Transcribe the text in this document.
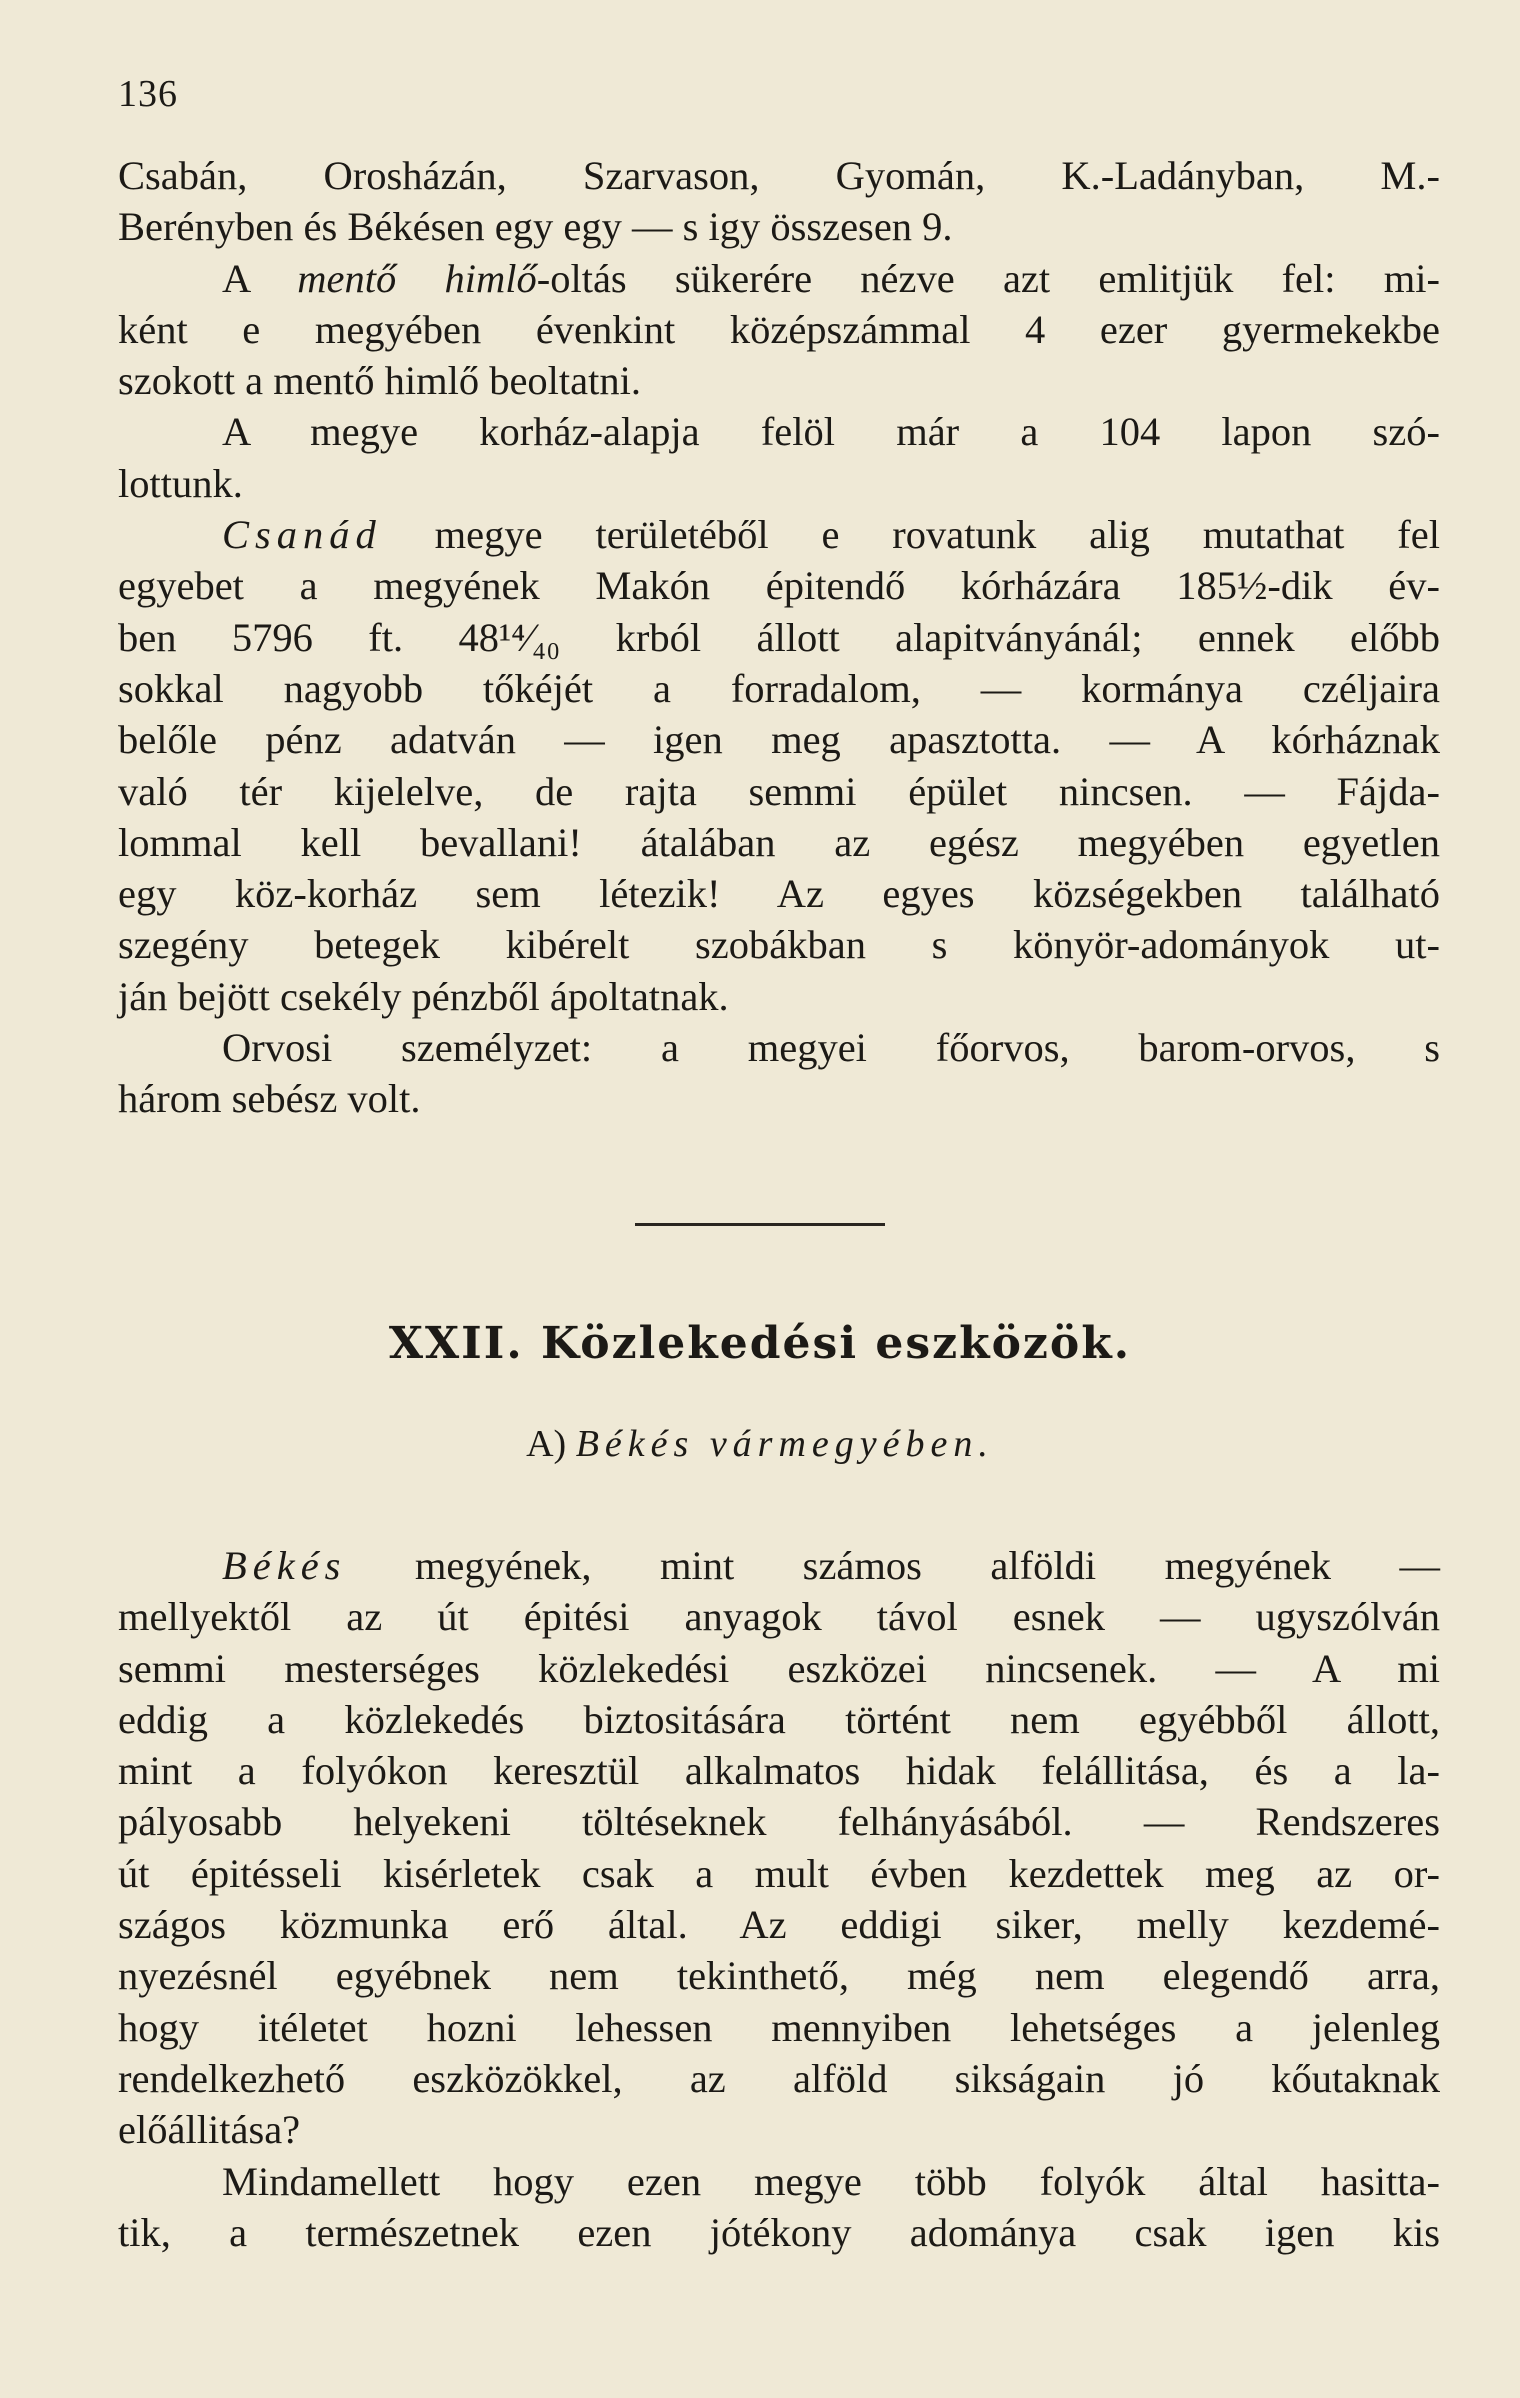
136

Csabán, Orosházán, Szarvason, Gyomán, K.-Ladányban, M.-

Berényben és Békésen egy egy — s igy összesen 9.

A mentő himlő-oltás sükerére nézve azt emlitjük fel: mi-

ként e megyében évenkint középszámmal 4 ezer gyermekekbe

szokott a mentő himlő beoltatni.

A megye korház-alapja felöl már a 104 lapon szó-

lottunk.

Csanád megye területéből e rovatunk alig mutathat fel

egyebet a megyének Makón épitendő kórházára 185½-dik év-

ben 5796 ft. 48¹⁴⁄₄₀ krból állott alapitványánál; ennek előbb

sokkal nagyobb tőkéjét a forradalom, — kormánya czéljaira

belőle pénz adatván — igen meg apasztotta. — A kórháznak

való tér kijelelve, de rajta semmi épület nincsen. — Fájda-

lommal kell bevallani! átalában az egész megyében egyetlen

egy köz-korház sem létezik! Az egyes községekben található

szegény betegek kibérelt szobákban s könyör-adományok ut-

ján bejött csekély pénzből ápoltatnak.

Orvosi személyzet: a megyei főorvos, barom-orvos, s

három sebész volt.

XXII. Közlekedési eszközök.
A) Békés vármegyében.

Békés megyének, mint számos alföldi megyének —

mellyektől az út épitési anyagok távol esnek — ugyszólván

semmi mesterséges közlekedési eszközei nincsenek. — A mi

eddig a közlekedés biztositására történt nem egyébből állott,

mint a folyókon keresztül alkalmatos hidak felállitása, és a la-

pályosabb helyekeni töltéseknek felhányásából. — Rendszeres

út épitésseli kisérletek csak a mult évben kezdettek meg az or-

szágos közmunka erő által. Az eddigi siker, melly kezdemé-

nyezésnél egyébnek nem tekinthető, még nem elegendő arra,

hogy itéletet hozni lehessen mennyiben lehetséges a jelenleg

rendelkezhető eszközökkel, az alföld sikságain jó kőutaknak

előállitása?

Mindamellett hogy ezen megye több folyók által hasitta-

tik, a természetnek ezen jótékony adománya csak igen kis
